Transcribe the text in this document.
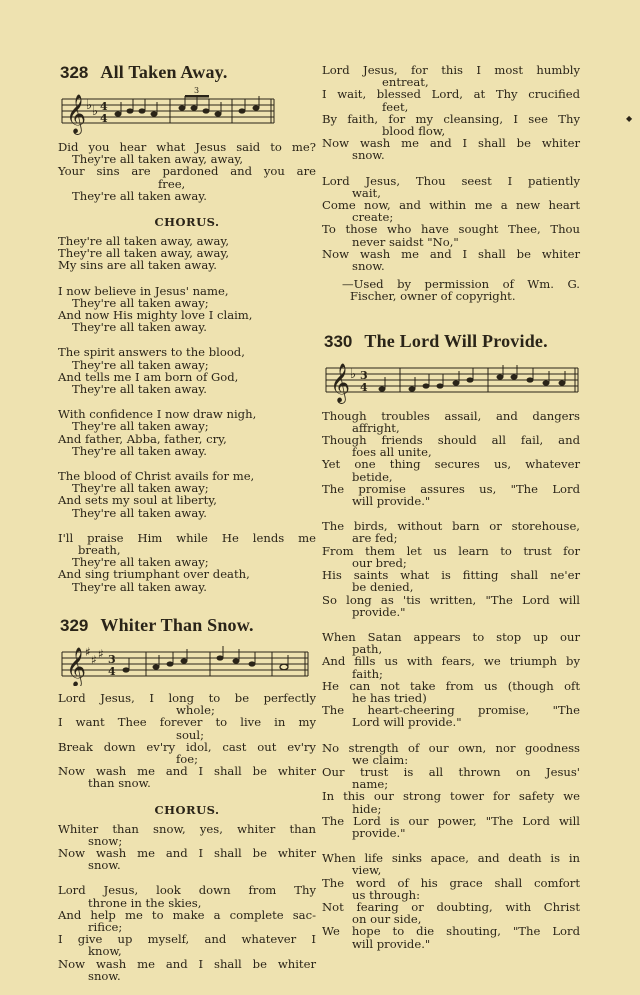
◆
328 All Taken Away.
𝄞 ♭ ♭ 4
4
3
Did you hear what Jesus said to me?
They're all taken away, away,
Your sins are pardoned and you are
free,
They're all taken away.
CHORUS.
They're all taken away, away,
They're all taken away, away,
My sins are all taken away.
I now believe in Jesus' name,
They're all taken away;
And now His mighty love I claim,
They're all taken away.
The spirit answers to the blood,
They're all taken away;
And tells me I am born of God,
They're all taken away.
With confidence I now draw nigh,
They're all taken away;
And father, Abba, father, cry,
They're all taken away.
The blood of Christ avails for me,
They're all taken away;
And sets my soul at liberty,
They're all taken away.
I'll praise Him while He lends me
breath,
They're all taken away;
And sing triumphant over death,
They're all taken away.
329 Whiter Than Snow.
𝄞
♯
♯ ♯ 3
4
Lord Jesus, I long to be perfectly
whole;
I want Thee forever to live in my
soul;
Break down ev'ry idol, cast out ev'ry
foe;
Now wash me and I shall be whiter
than snow.
CHORUS.
Whiter than snow, yes, whiter than
snow;
Now wash me and I shall be whiter
snow.
Lord Jesus, look down from Thy
throne in the skies,
And help me to make a complete sac-
rifice;
I give up myself, and whatever I
know,
Now wash me and I shall be whiter
snow.
Lord Jesus, for this I most humbly
entreat,
I wait, blessed Lord, at Thy crucified
feet,
By faith, for my cleansing, I see Thy
blood flow,
Now wash me and I shall be whiter
snow.
Lord Jesus, Thou seest I patiently
wait,
Come now, and within me a new heart
create;
To those who have sought Thee, Thou
never saidst "No,"
Now wash me and I shall be whiter
snow.
—Used by permission of Wm. G.
Fischer, owner of copyright.
330 The Lord Will Provide.
𝄞 ♭ 3
4
Though troubles assail, and dangers
affright,
Though friends should all fail, and
foes all unite,
Yet one thing secures us, whatever
betide,
The promise assures us, "The Lord
will provide."
The birds, without barn or storehouse,
are fed;
From them let us learn to trust for
our bred;
His saints what is fitting shall ne'er
be denied,
So long as 'tis written, "The Lord will
provide."
When Satan appears to stop up our
path,
And fills us with fears, we triumph by
faith;
He can not take from us (though oft
he has tried)
The heart-cheering promise, "The
Lord will provide."
No strength of our own, nor goodness
we claim:
Our trust is all thrown on Jesus'
name;
In this our strong tower for safety we
hide;
The Lord is our power, "The Lord will
provide."
When life sinks apace, and death is in
view,
The word of his grace shall comfort
us through:
Not fearing or doubting, with Christ
on our side,
We hope to die shouting, "The Lord
will provide."
